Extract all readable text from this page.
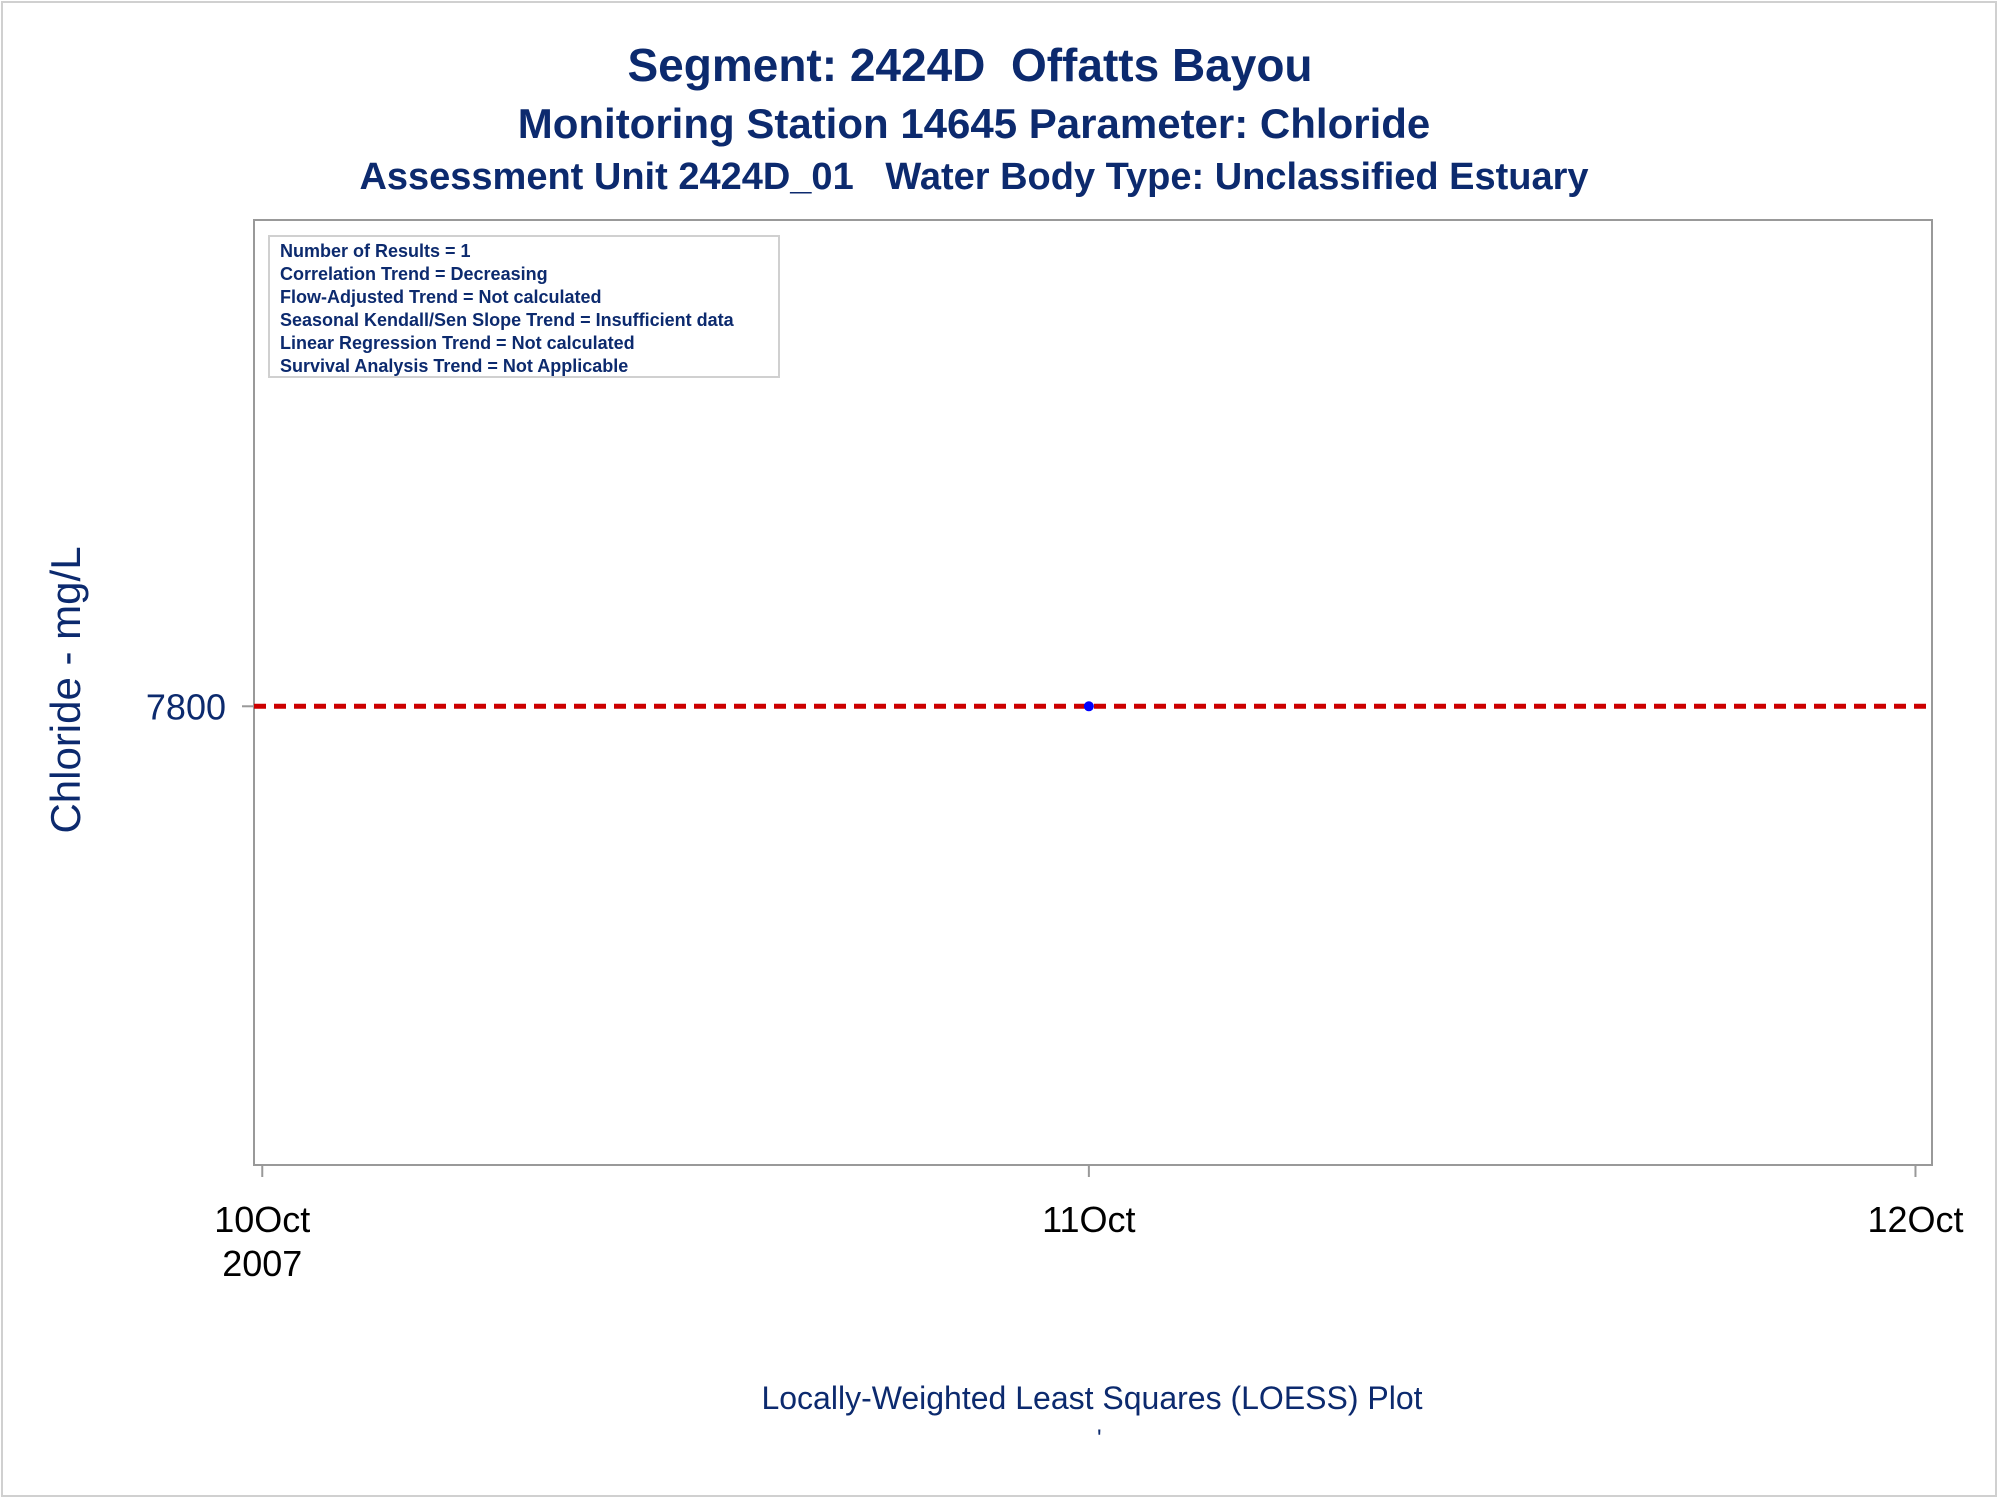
Segment: 2424D  Offatts Bayou
Monitoring Station 14645 Parameter: Chloride
Assessment Unit 2424D_01   Water Body Type: Unclassified Estuary
10Oct
2007
11Oct	12Oct
7800
Chloride - mg/L
Number of Results = 1
Correlation Trend = Decreasing
Flow-Adjusted Trend = Not calculated
Seasonal Kendall/Sen Slope Trend = Insufficient data
Linear Regression Trend = Not calculated
Survival Analysis Trend = Not Applicable
Locally-Weighted Least Squares (LOESS) Plot
'
